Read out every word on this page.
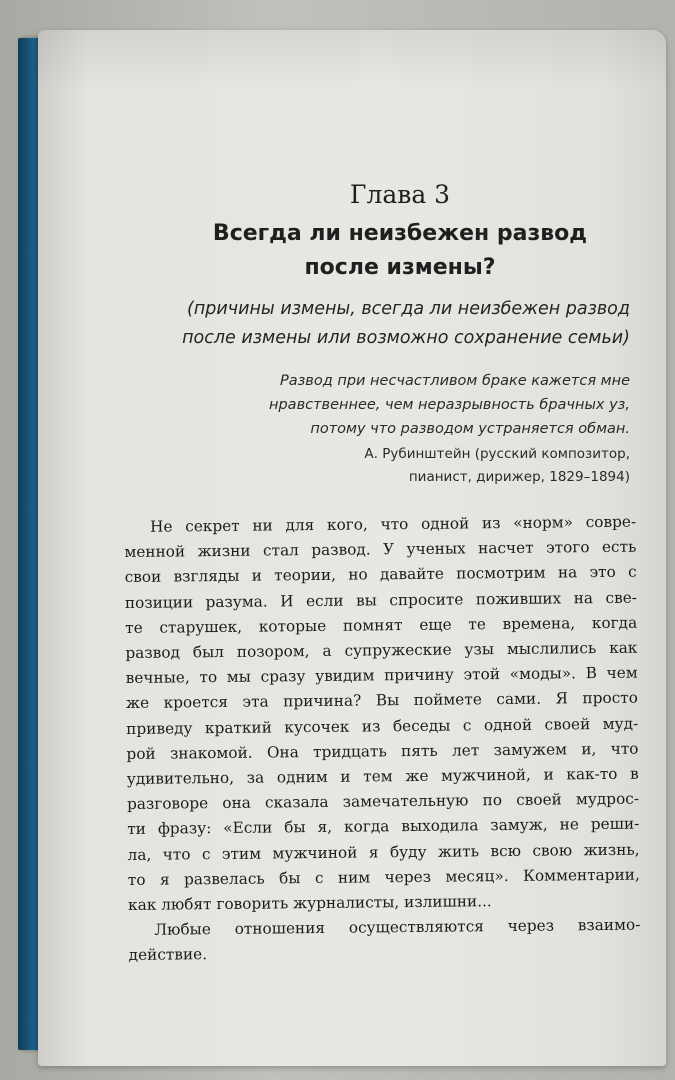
Глава 3
Всегда ли неизбежен развод
после измены?
(причины измены, всегда ли неизбежен развод
после измены или возможно сохранение семьи)
Развод при несчастливом браке кажется мне
нравственнее, чем неразрывность брачных уз,
потому что разводом устраняется обман.
А. Рубинштейн (русский композитор,
пианист, дирижер, 1829–1894)
Не секрет ни для кого, что одной из «норм» совре-
менной жизни стал развод. У ученых насчет этого есть
свои взгляды и теории, но давайте посмотрим на это с
позиции разума. И если вы спросите поживших на све-
те старушек, которые помнят еще те времена, когда
развод был позором, а супружеские узы мыслились как
вечные, то мы сразу увидим причину этой «моды». В чем
же кроется эта причина? Вы поймете сами. Я просто
приведу краткий кусочек из беседы с одной своей муд-
рой знакомой. Она тридцать пять лет замужем и, что
удивительно, за одним и тем же мужчиной, и как-то в
разговоре она сказала замечательную по своей мудрос-
ти фразу: «Если бы я, когда выходила замуж, не реши-
ла, что с этим мужчиной я буду жить всю свою жизнь,
то я развелась бы с ним через месяц». Комментарии,
как любят говорить журналисты, излишни...
Любые отношения осуществляются через взаимо-
действие.
